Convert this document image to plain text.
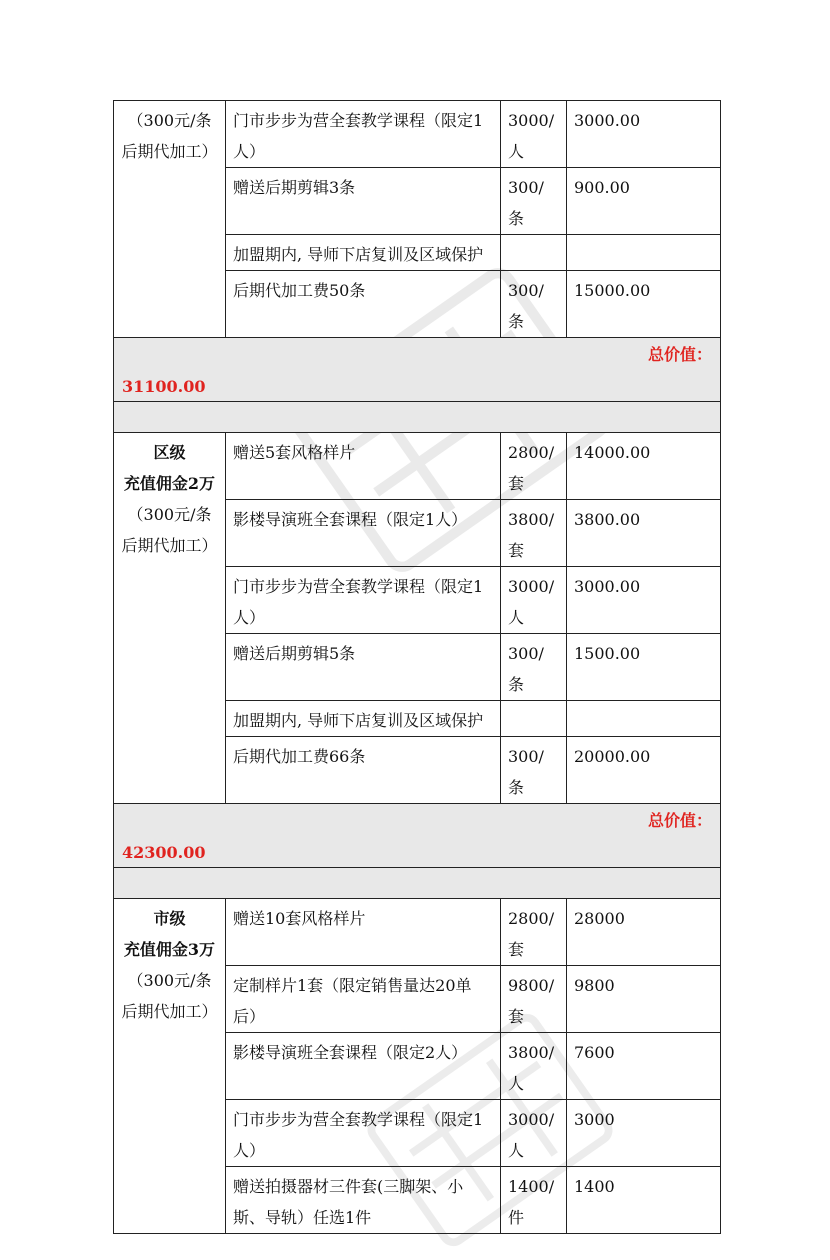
（300元/条
后期代加工）	门市步步为营全套教学课程（限定1人）	3000/人	3000.00
	赠送后期剪辑3条	300/条	900.00
	加盟期内, 导师下店复训及区域保护		
	后期代加工费50条	300/条	15000.00

总价值：
31100.00			

区级
充值佣金2万
（300元/条
后期代加工）	赠送5套风格样片	2800/套	14000.00
	影楼导演班全套课程（限定1人）	3800/套	3800.00
	门市步步为营全套教学课程（限定1人）	3000/人	3000.00
	赠送后期剪辑5条	300/条	1500.00
	加盟期内, 导师下店复训及区域保护		
	后期代加工费66条	300/条	20000.00

总价值：
42300.00			

市级
充值佣金3万
（300元/条
后期代加工）	赠送10套风格样片	2800/套	28000
	定制样片1套（限定销售量达20单后）	9800/套	9800
	影楼导演班全套课程（限定2人）	3800/人	7600
	门市步步为营全套教学课程（限定1人）	3000/人	3000
	赠送拍摄器材三件套(三脚架、小斯、导轨）任选1件	1400/件	1400
